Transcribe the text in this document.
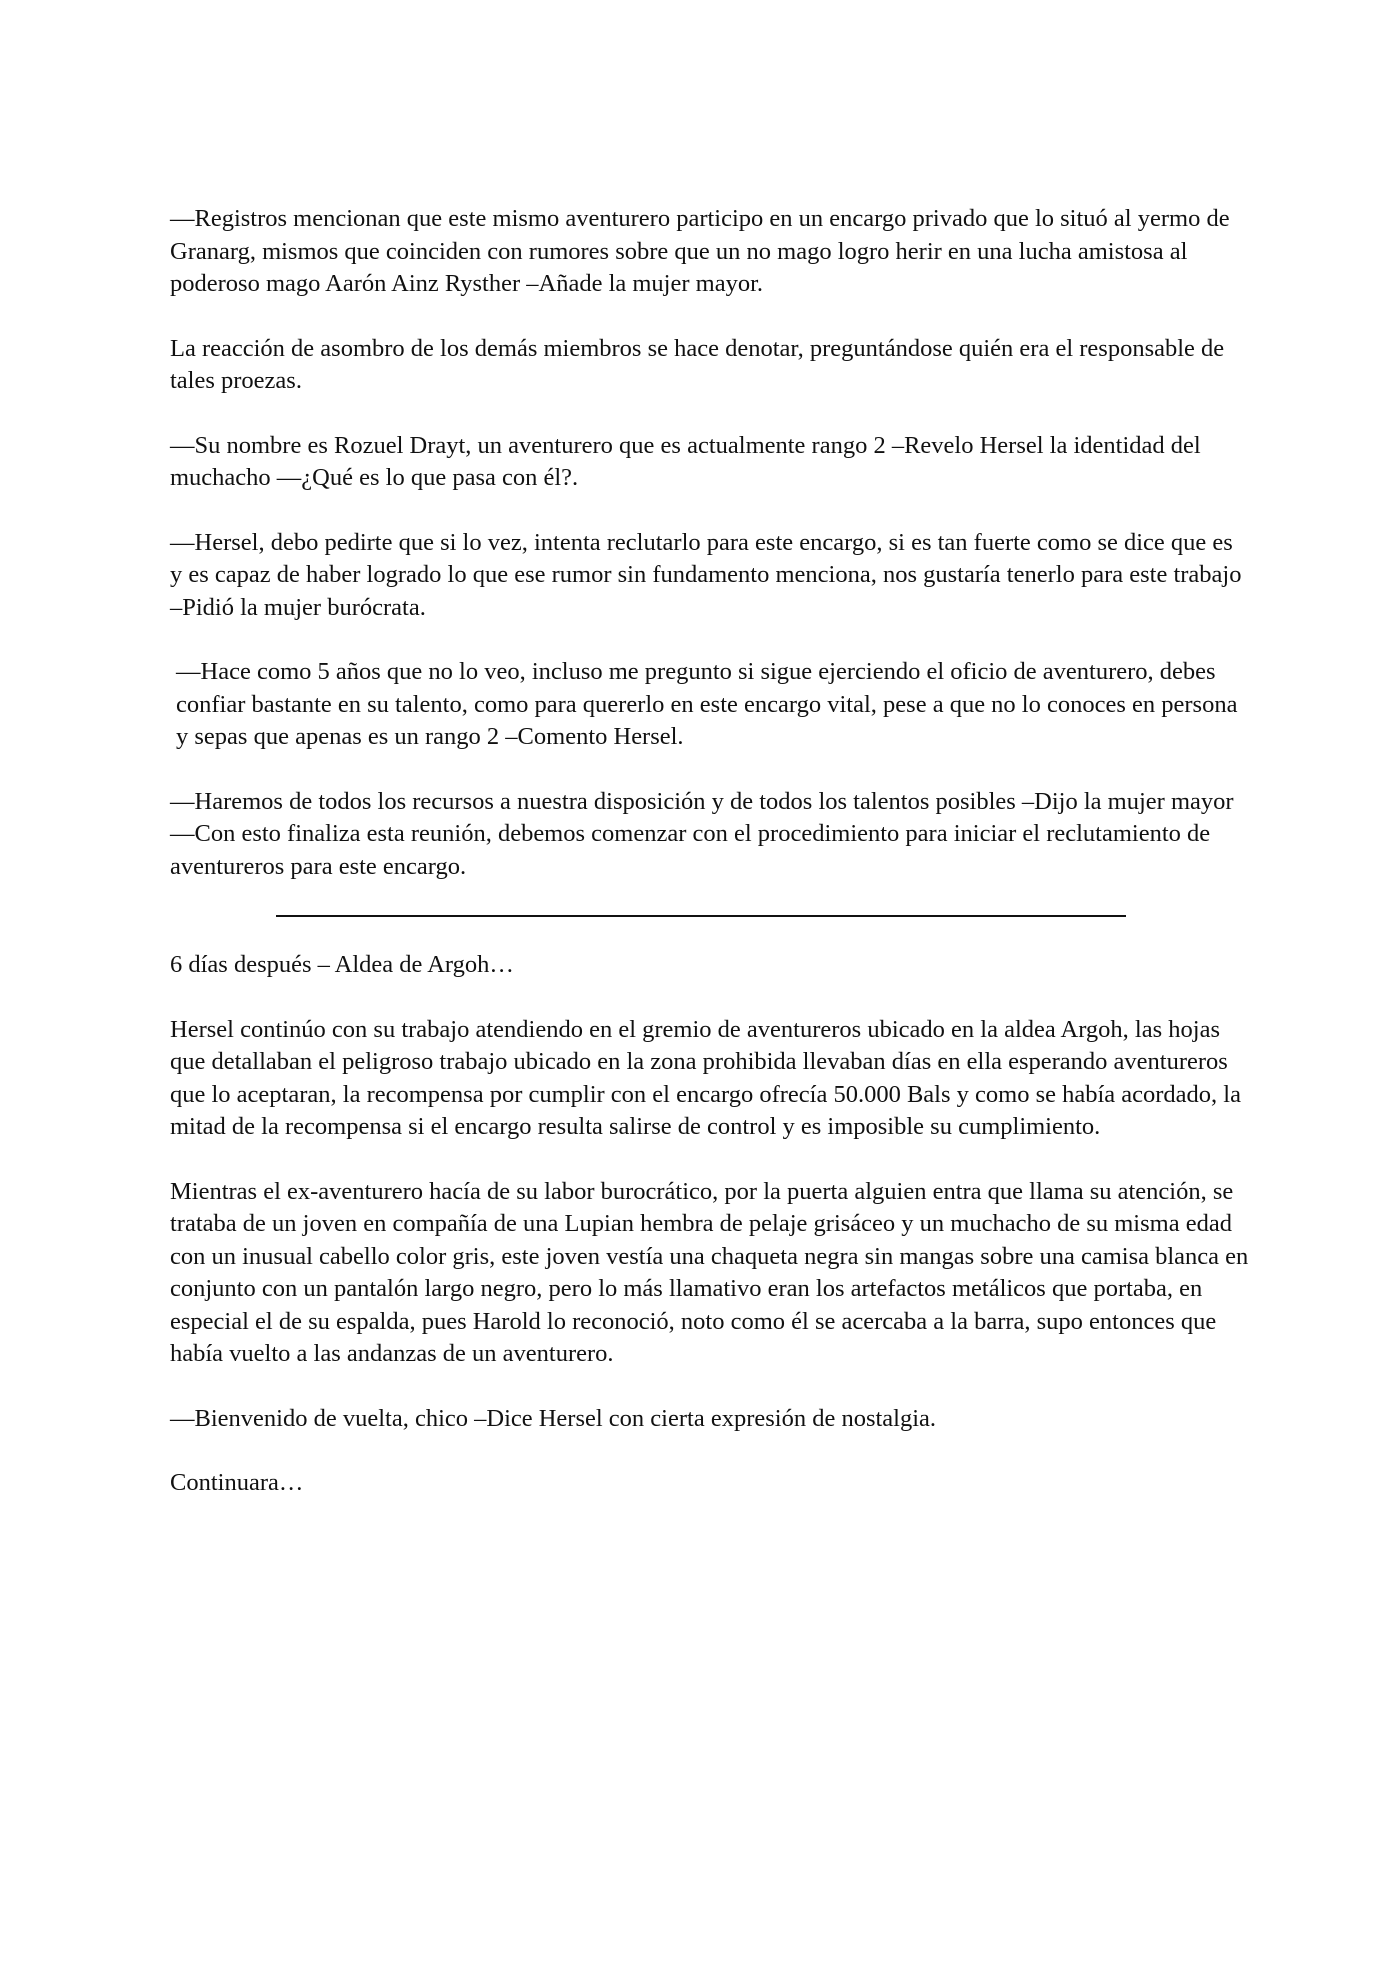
—Registros mencionan que este mismo aventurero participo en un encargo privado que lo situó al yermo de Granarg, mismos que coinciden con rumores sobre que un no mago logro herir en una lucha amistosa al poderoso mago Aarón Ainz Rysther –Añade la mujer mayor.

La reacción de asombro de los demás miembros se hace denotar, preguntándose quién era el responsable de tales proezas.

—Su nombre es Rozuel Drayt, un aventurero que es actualmente rango 2 –Revelo Hersel la identidad del muchacho —¿Qué es lo que pasa con él?.

—Hersel, debo pedirte que si lo vez, intenta reclutarlo para este encargo, si es tan fuerte como se dice que es y es capaz de haber logrado lo que ese rumor sin fundamento menciona, nos gustaría tenerlo para este trabajo –Pidió la mujer burócrata.

—Hace como 5 años que no lo veo, incluso me pregunto si sigue ejerciendo el oficio de aventurero, debes confiar bastante en su talento, como para quererlo en este encargo vital, pese a que no lo conoces en persona y sepas que apenas es un rango 2 –Comento Hersel.

—Haremos de todos los recursos a nuestra disposición y de todos los talentos posibles –Dijo la mujer mayor —Con esto finaliza esta reunión, debemos comenzar con el procedimiento para iniciar el reclutamiento de aventureros para este encargo.

6 días después – Aldea de Argoh…

Hersel continúo con su trabajo atendiendo en el gremio de aventureros ubicado en la aldea Argoh, las hojas que detallaban el peligroso trabajo ubicado en la zona prohibida llevaban días en ella esperando aventureros que lo aceptaran, la recompensa por cumplir con el encargo ofrecía 50.000 Bals y como se había acordado, la mitad de la recompensa si el encargo resulta salirse de control y es imposible su cumplimiento.

Mientras el ex-aventurero hacía de su labor burocrático, por la puerta alguien entra que llama su atención, se trataba de un joven en compañía de una Lupian hembra de pelaje grisáceo y un muchacho de su misma edad con un inusual cabello color gris, este joven vestía una chaqueta negra sin mangas sobre una camisa blanca en conjunto con un pantalón largo negro, pero lo más llamativo eran los artefactos metálicos que portaba, en especial el de su espalda, pues Harold lo reconoció, noto como él se acercaba a la barra, supo entonces que había vuelto a las andanzas de un aventurero.

—Bienvenido de vuelta, chico –Dice Hersel con cierta expresión de nostalgia.

Continuara…
